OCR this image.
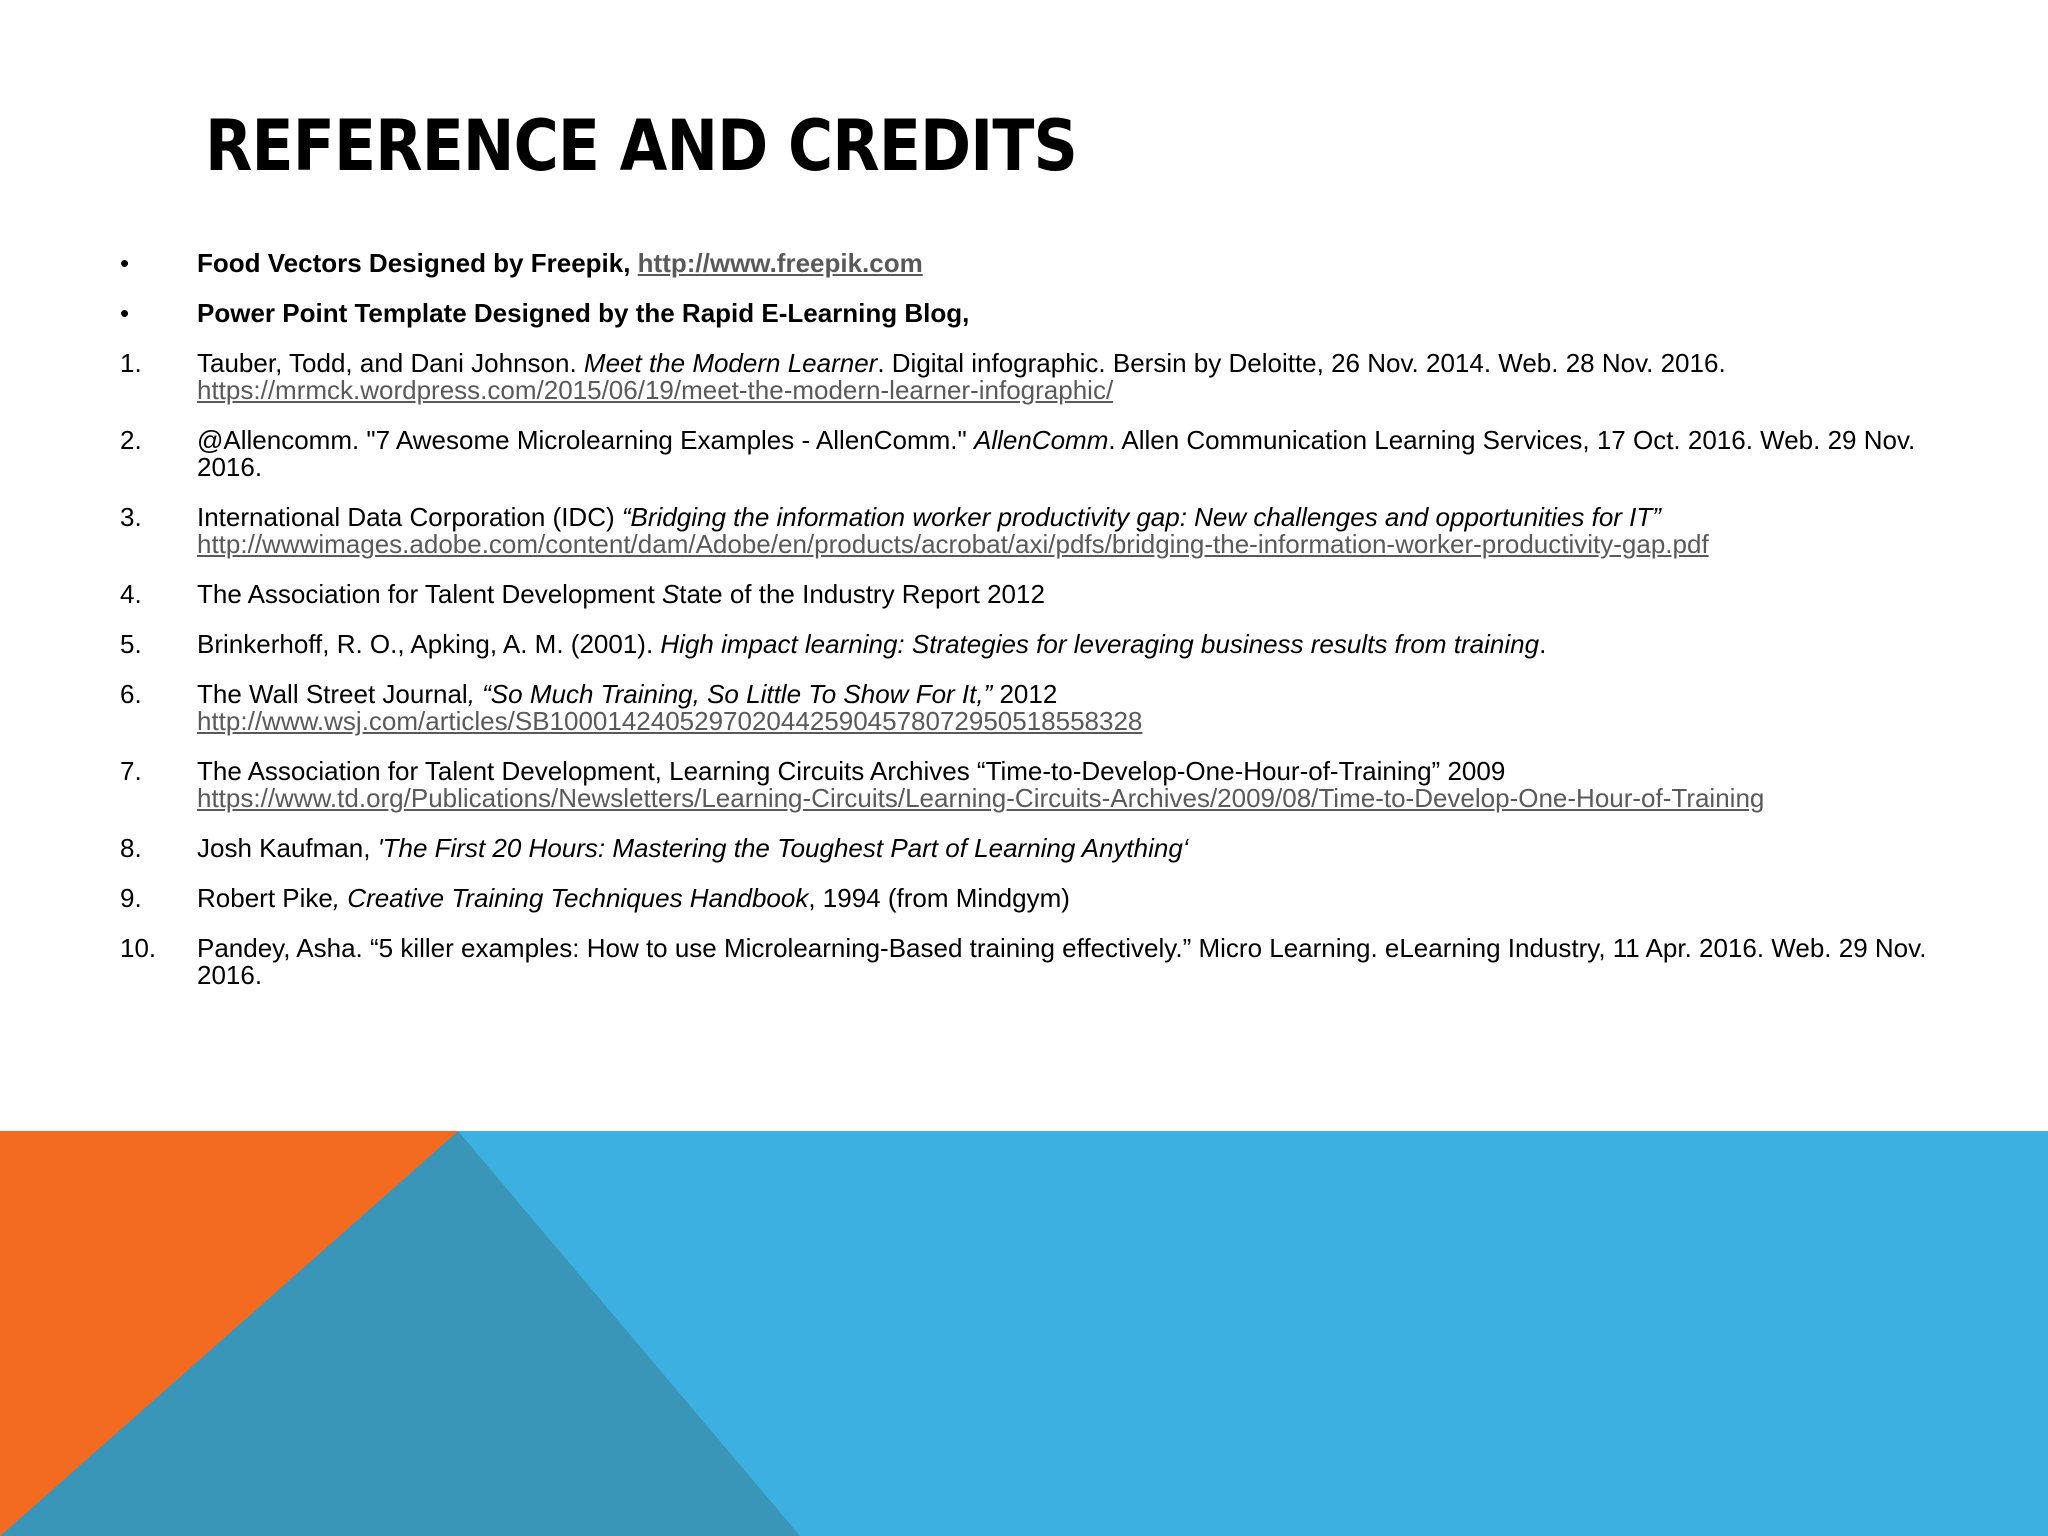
REFERENCE AND CREDITS
•	Food Vectors Designed by Freepik, http://www.freepik.com
•	Power Point Template Designed by the Rapid E-Learning Blog,
1. Tauber, Todd, and Dani Johnson. Meet the Modern Learner. Digital infographic. Bersin by Deloitte, 26 Nov. 2014. Web. 28 Nov. 2016.
https://mrmck.wordpress.com/2015/06/19/meet-the-modern-learner-infographic/
2. @Allencomm. "7 Awesome Microlearning Examples - AllenComm." AllenComm. Allen Communication Learning Services, 17 Oct. 2016. Web. 29 Nov. 2016.
3. International Data Corporation (IDC) “Bridging the information worker productivity gap: New challenges and opportunities for IT”
http://wwwimages.adobe.com/content/dam/Adobe/en/products/acrobat/axi/pdfs/bridging-the-information-worker-productivity-gap.pdf
4. The Association for Talent Development State of the Industry Report 2012
5. Brinkerhoff, R. O., Apking, A. M. (2001). High impact learning: Strategies for leveraging business results from training.
6. The Wall Street Journal, “So Much Training, So Little To Show For It,” 2012
http://www.wsj.com/articles/SB10001424052970204425904578072950518558328
7. The Association for Talent Development, Learning Circuits Archives “Time-to-Develop-One-Hour-of-Training” 2009
https://www.td.org/Publications/Newsletters/Learning-Circuits/Learning-Circuits-Archives/2009/08/Time-to-Develop-One-Hour-of-Training
8. Josh Kaufman, 'The First 20 Hours: Mastering the Toughest Part of Learning Anything‘
9. Robert Pike, Creative Training Techniques Handbook, 1994 (from Mindgym)
10. Pandey, Asha. “5 killer examples: How to use Microlearning-Based training effectively.” Micro Learning. eLearning Industry, 11 Apr. 2016. Web. 29 Nov. 2016.
